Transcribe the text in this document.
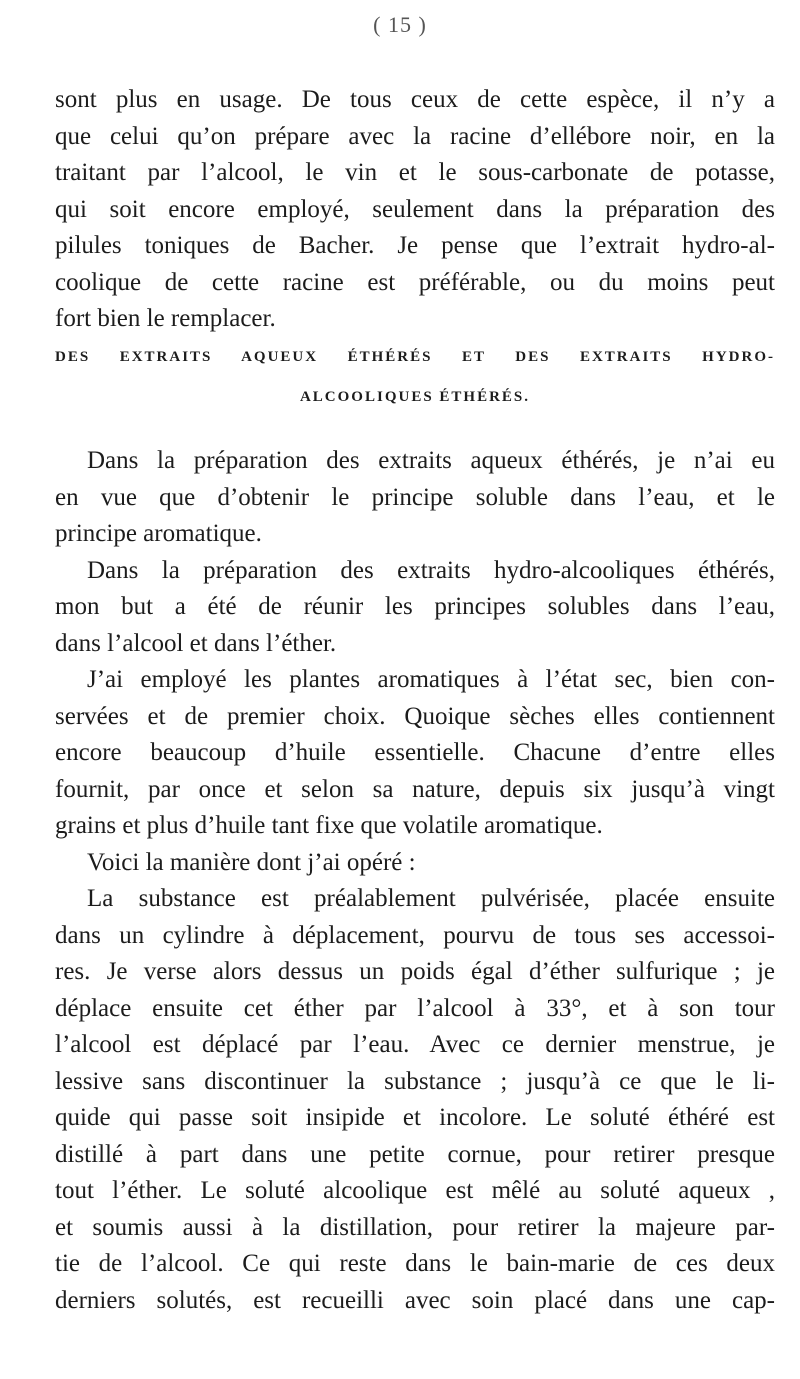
( 15 )
sont plus en usage. De tous ceux de cette espèce, il n’y a
que celui qu’on prépare avec la racine d’ellébore noir, en la
traitant par l’alcool, le vin et le sous-carbonate de potasse,
qui soit encore employé, seulement dans la préparation des
pilules toniques de Bacher. Je pense que l’extrait hydro-al-
coolique de cette racine est préférable, ou du moins peut
fort bien le remplacer.
DES EXTRAITS AQUEUX ÉTHÉRÉS ET DES EXTRAITS HYDRO-
ALCOOLIQUES ÉTHÉRÉS.
Dans la préparation des extraits aqueux éthérés, je n’ai eu
en vue que d’obtenir le principe soluble dans l’eau, et le
principe aromatique.
Dans la préparation des extraits hydro-alcooliques éthérés,
mon but a été de réunir les principes solubles dans l’eau,
dans l’alcool et dans l’éther.
J’ai employé les plantes aromatiques à l’état sec, bien con-
servées et de premier choix. Quoique sèches elles contiennent
encore beaucoup d’huile essentielle. Chacune d’entre elles
fournit, par once et selon sa nature, depuis six jusqu’à vingt
grains et plus d’huile tant fixe que volatile aromatique.
Voici la manière dont j’ai opéré :
La substance est préalablement pulvérisée, placée ensuite
dans un cylindre à déplacement, pourvu de tous ses accessoi-
res. Je verse alors dessus un poids égal d’éther sulfurique ; je
déplace ensuite cet éther par l’alcool à 33°, et à son tour
l’alcool est déplacé par l’eau. Avec ce dernier menstrue, je
lessive sans discontinuer la substance ; jusqu’à ce que le li-
quide qui passe soit insipide et incolore. Le soluté éthéré est
distillé à part dans une petite cornue, pour retirer presque
tout l’éther. Le soluté alcoolique est mêlé au soluté aqueux ,
et soumis aussi à la distillation, pour retirer la majeure par-
tie de l’alcool. Ce qui reste dans le bain-marie de ces deux
derniers solutés, est recueilli avec soin placé dans une cap-
